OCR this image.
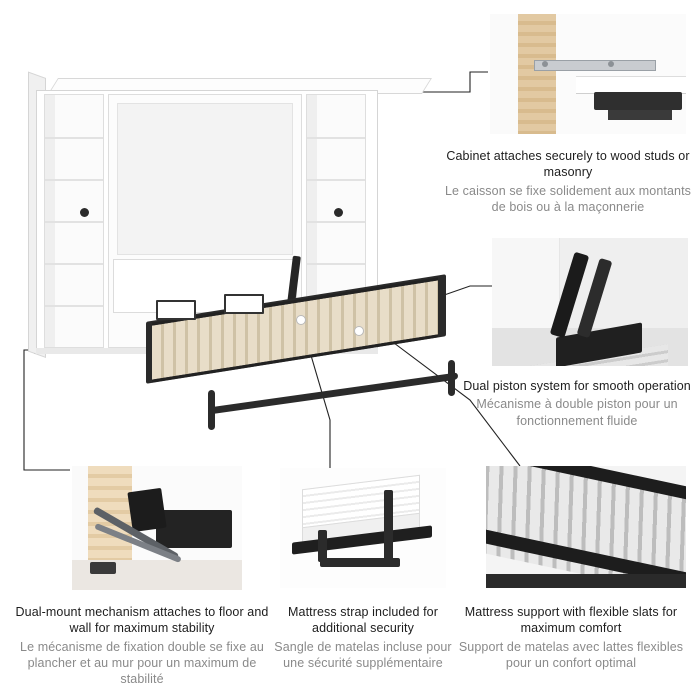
Cabinet attaches securely to wood studs or masonry
Le caisson se fixe solidement aux montants de bois ou à la maçonnerie
Dual piston system for smooth operation
Mécanisme à double piston pour un fonctionnement fluide
Dual-mount mechanism attaches to floor and wall for maximum stability
Le mécanisme de fixation double se fixe au plancher et au mur pour un maximum de stabilité
Mattress strap included for additional security
Sangle de matelas incluse pour une sécurité supplémentaire
Mattress support with flexible slats for maximum comfort
Support de matelas avec lattes flexibles pour un confort optimal
